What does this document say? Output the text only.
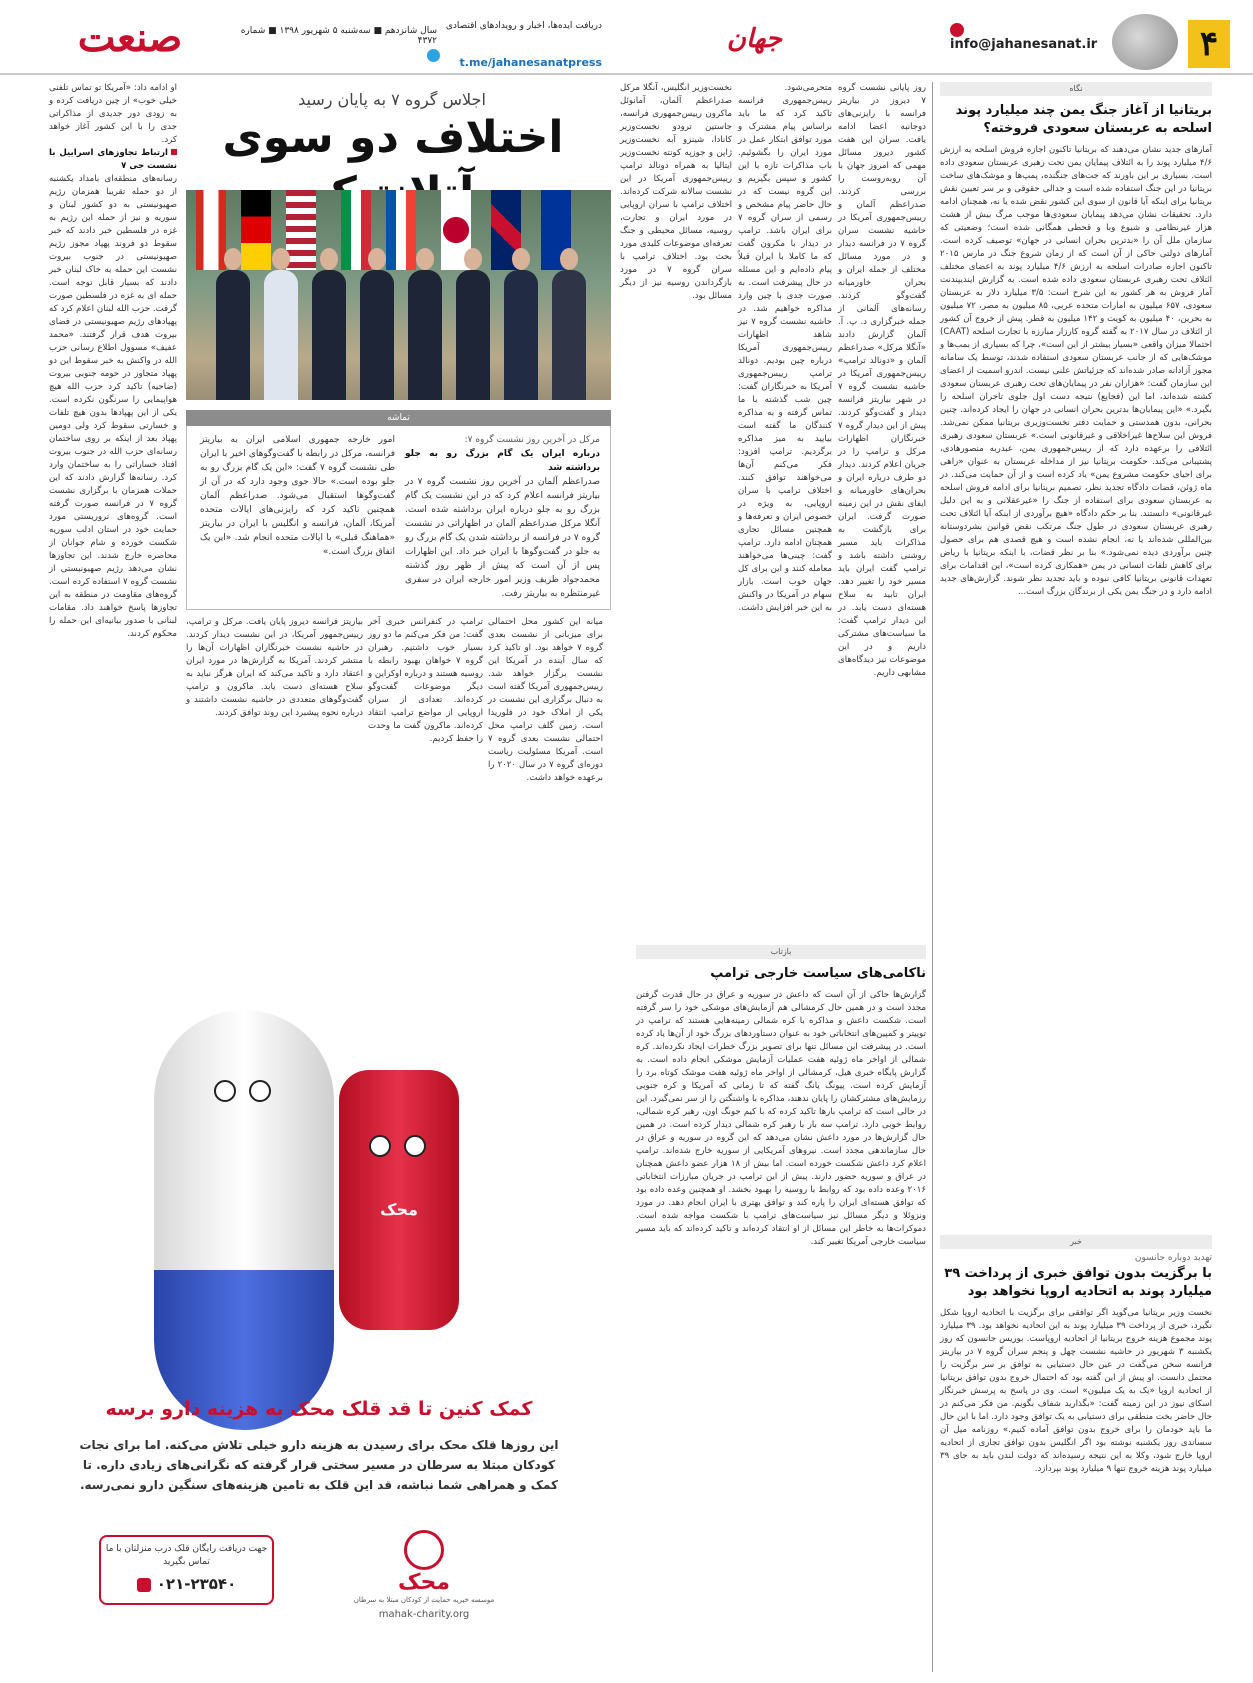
۴
info@jahanesanat.ir
جهان
دریافت ایده‌ها، اخبار و رویدادهای اقتصادی
t.me/jahanesanatpress
سال شانزدهم ■ سه‌شنبه ۵ شهریور ۱۳۹۸ ■ شماره ۴۳۷۲
صنعت
نگاه
بریتانیا از آغاز جنگ یمن چند میلیارد پوند اسلحه به عربستان سعودی فروخته؟
آمارهای جدید نشان می‌دهند که بریتانیا تاکنون اجازه فروش اسلحه به ارزش ۴/۶ میلیارد پوند را به ائتلاف پیمایان یمن تحت رهبری عربستان سعودی داده است. بسیاری بر این باورند که جت‌های جنگنده، پمپ‌ها و موشک‌های ساخت بریتانیا در این جنگ استفاده شده است و جدالی حقوقی و بر سر تعیین نقش بریتانیا برای اینکه آیا قانون از سوی این کشور نقض شده یا نه، همچنان ادامه دارد. تحقیقات نشان می‌دهد پیمایان سعودی‌ها موجب مرگ بیش از هشت هزار غیرنظامی و شیوع وبا و قحطی همگانی شده است؛ وضعیتی که سازمان ملل آن را «بدترین بحران انسانی در جهان» توصیف کرده است. آمارهای دولتی حاکی از آن است که از زمان شروع جنگ در مارس ۲۰۱۵ تاکنون اجازه صادرات اسلحه به ارزش ۴/۶ میلیارد پوند به اعضای مختلف ائتلاف تحت رهبری عربستان سعودی داده شده است. به گزارش ایندیپندنت آمار فروش به هر کشور به این شرح است: ۳/۵ میلیارد دلار به عربستان سعودی، ۶۵۷ میلیون به امارات متحده عربی، ۸۵ میلیون به مصر، ۷۲ میلیون به بحرین، ۴۰ میلیون به کویت و ۱۴۲ میلیون به قطر. پیش از خروج آن کشور از ائتلاف در سال ۲۰۱۷ به گفته گروه کارزار مبارزه با تجارت اسلحه (CAAT) احتمالا میزان واقعی «بسیار بیشتر از این است»، چرا که بسیاری از بمب‌ها و موشک‌هایی که از جانب عربستان سعودی استفاده شدند، توسط یک سامانه مجوز آزادانه صادر شده‌اند که جزئیاتش علنی نیست. اندرو اسمیت از اعضای این سازمان گفت: «هزاران نفر در پیمایان‌های تحت رهبری عربستان سعودی کشته شده‌اند، اما این (فجایع) نتیجه دست اول جلوی تاجران اسلحه را بگیرد.» «این پیمایان‌ها بدترین بحران انسانی در جهان را ایجاد کرده‌اند. چنین بحرانی، بدون همدستی و حمایت دفتر نخست‌وزیری بریتانیا ممکن نمی‌شد. فروش این سلاح‌ها غیراخلاقی و غیرقانونی است.» عربستان سعودی رهبری ائتلافی را برعهده دارد که از رییس‌جمهوری یمن، عبدربه منصورهادی، پشتیبانی می‌کند. حکومت بریتانیا نیز از مداخله عربستان به عنوان «راهی برای احیای حکومت مشروع یمن» یاد کرده است و از آن حمایت می‌کند. در ماه ژوئن، قضات دادگاه تجدید نظر، تصمیم بریتانیا برای ادامه فروش اسلحه به عربستان سعودی برای استفاده از جنگ را «غیرعقلانی و به این دلیل غیرقانونی» دانستند. بنا بر حکم دادگاه «هیچ برآوردی از اینکه آیا ائتلاف تحت رهبری عربستان سعودی در طول جنگ مرتکب نقض قوانین بشردوستانه بین‌المللی شده‌اند یا نه، انجام نشده است و هیچ قصدی هم برای حصول چنین برآوردی دیده نمی‌شود.» بنا بر نظر قضات، با اینکه بریتانیا با ریاض برای کاهش تلفات انسانی در یمن «همکاری کرده است»، این اقدامات برای تعهدات قانونی بریتانیا کافی نبوده و باید تجدید نظر شوند. گزارش‌های جدید ادامه دارد و در جنگ یمن یکی از برندگان بزرگ است...
خبر
تهدید دوباره جانسون
با برگزیت بدون توافق خبری از پرداخت ۳۹ میلیارد پوند به اتحادیه اروپا نخواهد بود
نخست وزیر بریتانیا می‌گوید اگر توافقی برای برگزیت با اتحادیه اروپا شکل نگیرد، خبری از پرداخت ۳۹ میلیارد پوند به این اتحادیه نخواهد بود. ۳۹ میلیارد پوند مجموع هزینه خروج بریتانیا از اتحادیه اروپاست. بوریس جانسون که روز یکشنبه ۳ شهریور در حاشیه نشست چهل و پنجم سران گروه ۷ در بیاریتز فرانسه سخن می‌گفت در عین حال دستیابی به توافق بر سر برگزیت را محتمل دانست. او پیش از این گفته بود که احتمال خروج بدون توافق بریتانیا از اتحادیه اروپا «یک به یک میلیون» است. وی در پاسخ به پرسش خبرنگار اسکای نیوز در این زمینه گفت: «بگذارید شفاف بگویم. من فکر می‌کنم در حال حاضر بخت منطقی برای دستیابی به یک توافق وجود دارد. اما با این حال ما باید خودمان را برای خروج بدون توافق آماده کنیم.» روزنامه میل آن سساندی روز یکشنبه نوشته بود اگر انگلیس بدون توافق تجاری از اتحادیه اروپا خارج شود، وکلا به این نتیجه رسیده‌اند که دولت لندن باید به جای ۳۹ میلیارد پوند هزینه خروج تنها ۹ میلیارد پوند بپردازد.
اجلاس گروه ۷ به پایان رسید
اختلاف دو سوی
روز پایانی نشست گروه ۷ دیروز در بیاریتز فرانسه با رایزنی‌های دوجانبه اعضا ادامه یافت. سران این هفت کشور دیروز مسائل مهمی که امروز جهان با آن روبه‌روست را بررسی کردند. صدراعظم آلمان و رییس‌جمهوری آمریکا در حاشیه نشست سران گروه ۷ در فرانسه دیدار و در مورد مسائل مختلف از جمله ایران و بحران خاورمیانه گفت‌وگو کردند. رسانه‌های آلمانی از جمله خبرگزاری د. پ. آ. آلمان گزارش دادند «آنگلا مرکل» صدراعظم آلمان و «دونالد ترامپ» رییس‌جمهوری آمریکا در حاشیه نشست گروه ۷ در شهر بیاریتز فرانسه دیدار و گفت‌وگو کردند. پیش از این دیدار گروه ۷ خبرنگاران اظهارات مرکل و ترامپ را در جریان اعلام کردند. دیدار دو طرف درباره ایران و بحران‌های خاورمیانه و ایفای نقش در این زمینه صورت گرفت. ایران برای بازگشت به مذاکرات باید مسیر روشنی داشته باشد و ترامپ گفت ایران باید مسیر خود را تغییر دهد. ایران تابید به سلاح هسته‌ای دست یابد. در این دیدار ترامپ گفت: ما سیاست‌های مشترکی داریم و در این موضوعات نیز دیدگاه‌های مشابهی داریم.
متحرمی‌شود. رییس‌جمهوری فرانسه تاکید کرد که ما باید براساس پیام مشترک و مورد توافق ابتکار عمل در مورد ایران را بگشوئیم. باب مذاکرات تازه با این کشور و سپس بگیریم و این گروه نیست که در حال حاضر پیام مشخص و رسمی از سران گروه ۷ برای ایران باشد. ترامپ در دیدار با مکرون گفت که ما کاملا با ایران قبلاً پیام داده‌ایم و این مسئله در حال پیشرفت است. به صورت جدی با چین وارد مذاکره خواهیم شد. در حاشیه نشست گروه ۷ نیز شاهد اظهارات رییس‌جمهوری آمریکا درباره چین بودیم. دونالد ترامپ رییس‌جمهوری آمریکا به خبرنگاران گفت: چین شب گذشته با ما تماس گرفته و به مذاکره کنندگان ما گفته است بیایید به میز مذاکره برگردیم. ترامپ افزود: فکر می‌کنم آن‌ها می‌خواهند توافق کنند. اختلاف ترامپ با سران اروپایی، به ویژه در خصوص ایران و تعرفه‌ها و همچنین مسائل تجاری همچنان ادامه دارد. ترامپ گفت: چینی‌ها می‌خواهند معامله کنند و این برای کل جهان خوب است. بازار سهام در آمریکا در واکنش به این خبر افزایش داشت.
نخست‌وزیر انگلیس، آنگلا مرکل صدراعظم آلمان، آمانوئل ماکرون رییس‌جمهوری فرانسه، جاستین ترودو نخست‌وزیر کانادا، شینزو آبه نخست‌وزیر ژاپن و جوزپه کونته نخست‌وزیر ایتالیا به همراه دونالد ترامپ رییس‌جمهوری آمریکا در این نشست سالانه شرکت کرده‌اند. اختلاف ترامپ با سران اروپایی در مورد ایران و تجارت، روسیه، مسائل محیطی و جنگ تعرفه‌ای موضوعات کلیدی مورد بحث بود. اختلاف ترامپ با سران گروه ۷ در مورد بازگرداندن روسیه نیز از دیگر مسائل بود.
مرکل در آخرین روز نشست گروه ۷:
درباره ایران یک گام بزرگ رو به جلو برداشته شد
صدراعظم آلمان در آخرین روز نشست گروه ۷ در بیاریتز فرانسه اعلام کرد که در این نشست یک گام بزرگ رو به جلو درباره ایران برداشته شده است. آنگلا مرکل صدراعظم آلمان در اظهاراتی در نشست گروه ۷ در فرانسه از برداشته شدن یک گام بزرگ رو به جلو در گفت‌وگوها با ایران خبر داد. این اظهارات پس از آن است که پیش از ظهر روز گذشته محمدجواد ظریف وزیر امور خارجه ایران در سفری غیرمنتظره به بیاریتز رفت.
امور خارجه جمهوری اسلامی ایران به بیاریتز فرانسه، مرکل در رابطه با گفت‌وگوهای اخیر با ایران طی نشست گروه ۷ گفت: «این یک گام بزرگ رو به جلو بوده است.» حالا جوی وجود دارد که در آن از گفت‌وگوها استقبال می‌شود. صدراعظم آلمان همچنین تاکید کرد که رایزنی‌های ایالات متحده آمریکا، آلمان، فرانسه و انگلیس با ایران در بیاریتز «هماهنگ قبلی» با ایالات متحده انجام شد. «این یک اتفاق بزرگ است.»
تماشه
او ادامه داد: «آمریکا تو تماس تلفنی خیلی خوب» از چین دریافت کرده و به زودی دور جدیدی از مذاکراتی جدی را با این کشور آغاز خواهد کرد.
ارتباط تجاوزهای اسراییل با نشست جی ۷
رسانه‌های منطقه‌ای بامداد یکشنبه از دو حمله تقریبا همزمان رژیم صهیونیستی به دو کشور لبنان و سوریه و نیز از حمله این رژیم به غزه در فلسطین خبر دادند که خبر سقوط دو فروند پهپاد مجوز رژیم صهیونیستی در جنوب بیروت نشست این حمله به خاک لبنان خبر دادند که بسیار قابل توجه است. حمله ای به غزه در فلسطین صورت گرفت. حزب الله لبنان اعلام کرد که پهپادهای رژیم صهیونیستی در فضای بیروت هدف قرار گرفتند. «محمد عفیف» مسوول اطلاع رسانی حزب الله در واکنش به خبر سقوط این دو پهپاد متجاوز در حومه جنوبی بیروت (ضاحیه) تاکید کرد حزب الله هیچ هواپیمایی را سرنگون نکرده است. یکی از این پهپادها بدون هیچ تلفات و خسارتی سقوط کرد ولی دومین پهپاد بعد از اینکه بر روی ساختمان رسانه‌ای حزب الله در جنوب بیروت افتاد خساراتی را به ساختمان وارد کرد. رسانه‌ها گزارش دادند که این حملات همزمان با برگزاری نشست گروه ۷ در فرانسه صورت گرفته است. گروه‌های تروریستی مورد حمایت خود در استان ادلب سوریه شکست خورده و شام جوانان از محاصره خارج شدند. این تجاوزها نشان می‌دهد رژیم صهیونیستی از نشست گروه ۷ استفاده کرده است. گروه‌های مقاومت در منطقه به این تجاوزها پاسخ خواهند داد. مقامات لبنانی با صدور بیانیه‌ای این حمله را محکوم کردند.
میانه این کشور محل احتمالی برای میزبانی از نشست بعدی گروه ۷ خواهد بود. او تاکید کرد که سال آینده در آمریکا این نشست برگزار خواهد شد. رییس‌جمهوری آمریکا گفته است به دنبال برگزاری این نشست در یکی از املاک خود در فلوریدا است. زمین گلف ترامپ محل احتمالی نشست بعدی گروه ۷ است. آمریکا مسئولیت ریاست دوره‌ای گروه ۷ در سال ۲۰۲۰ را برعهده خواهد داشت.
ترامپ در کنفرانس خبری آخر گفت: من فکر می‌کنم ما دو روز بسیار خوب داشتیم. رهبران گروه ۷ خواهان بهبود رابطه با روسیه هستند و درباره اوکراین و دیگر موضوعات گفت‌وگو کرده‌اند. تعدادی از سران اروپایی از مواضع ترامپ انتقاد کرده‌اند. ماکرون گفت ما وحدت را حفظ کردیم.
بیاریتز فرانسه دیروز پایان یافت. مرکل و ترامپ، رییس‌جمهور آمریکا، در این نشست دیدار کردند. در حاشیه نشست خبرنگاران اظهارات آن‌ها را منتشر کردند. آمریکا به گزارش‌ها در مورد ایران اعتقاد دارد و تاکید می‌کند که ایران هرگز نباید به سلاح هسته‌ای دست یابد. ماکرون و ترامپ گفت‌وگوهای متعددی در حاشیه نشست داشتند و درباره نحوه پیشبرد این روند توافق کردند.
بازتاب
ناکامی‌های سیاست خارجی ترامپ
گزارش‌ها حاکی از آن است که داعش در سوریه و عراق در حال قدرت گرفتن مجدد است و در همین حال کرمشالی هم آزمایش‌های موشکی خود را سر گرفته است. شکست داعش و مذاکره با کره شمالی زمینه‌هایی هستند که ترامپ در توییتر و کمپین‌های انتخاباتی خود به عنوان دستاوردهای بزرگ خود از آن‌ها یاد کرده است. در پیشرفت این مسائل تنها برای تصویر بزرگ خطرات ایجاد نکرده‌اند. کره شمالی از اواخر ماه ژوئیه هفت عملیات آزمایش موشکی انجام داده است. به گزارش پایگاه خبری هیل، کرمشالی از اواخر ماه ژوئیه هفت موشک کوتاه برد را آزمایش کرده است. پیونگ یانگ گفته که تا زمانی که آمریکا و کره جنوبی رزمایش‌های مشترکشان را پایان ندهند، مذاکره با واشنگتن را از سر نمی‌گیرد. این در حالی است که ترامپ بارها تاکید کرده که با کیم جونگ اون، رهبر کره شمالی، روابط خوبی دارد. ترامپ سه بار با رهبر کره شمالی دیدار کرده است. در همین حال گزارش‌ها در مورد داعش نشان می‌دهد که این گروه در سوریه و عراق در حال سازماندهی مجدد است. نیروهای آمریکایی از سوریه خارج شده‌اند. ترامپ اعلام کرد داعش شکست خورده است. اما بیش از ۱۸ هزار عضو داعش همچنان در عراق و سوریه حضور دارند. پیش از این ترامپ در جریان مبارزات انتخاباتی ۲۰۱۶ وعده داده بود که روابط با روسیه را بهبود بخشد. او همچنین وعده داده بود که توافق هسته‌ای ایران را پاره کند و توافق بهتری با ایران انجام دهد. در مورد ونزوئلا و دیگر مسائل نیز سیاست‌های ترامپ با شکست مواجه شده است. دموکرات‌ها به خاطر این مسائل از او انتقاد کرده‌اند و تاکید کرده‌اند که باید مسیر سیاست خارجی آمریکا تغییر کند.
محک
کمک کنین تا قد قلک محک به هزینه دارو برسه
این روزها قلک محک برای رسیدن به هزینه دارو خیلی تلاش می‌کنه. اما برای نجات کودکان مبتلا به سرطان در مسیر سختی قرار گرفته که نگرانی‌های زیادی داره. تا کمک و همراهی شما نباشه، قد این قلک به تامین هزینه‌های سنگین دارو نمی‌رسه.
جهت دریافت رایگان قلک درب منزلتان با ما تماس بگیرید
۰۲۱-۲۳۵۴۰	محک
موسسه خیریه حمایت از کودکان مبتلا به سرطان
mahak-charity.org
